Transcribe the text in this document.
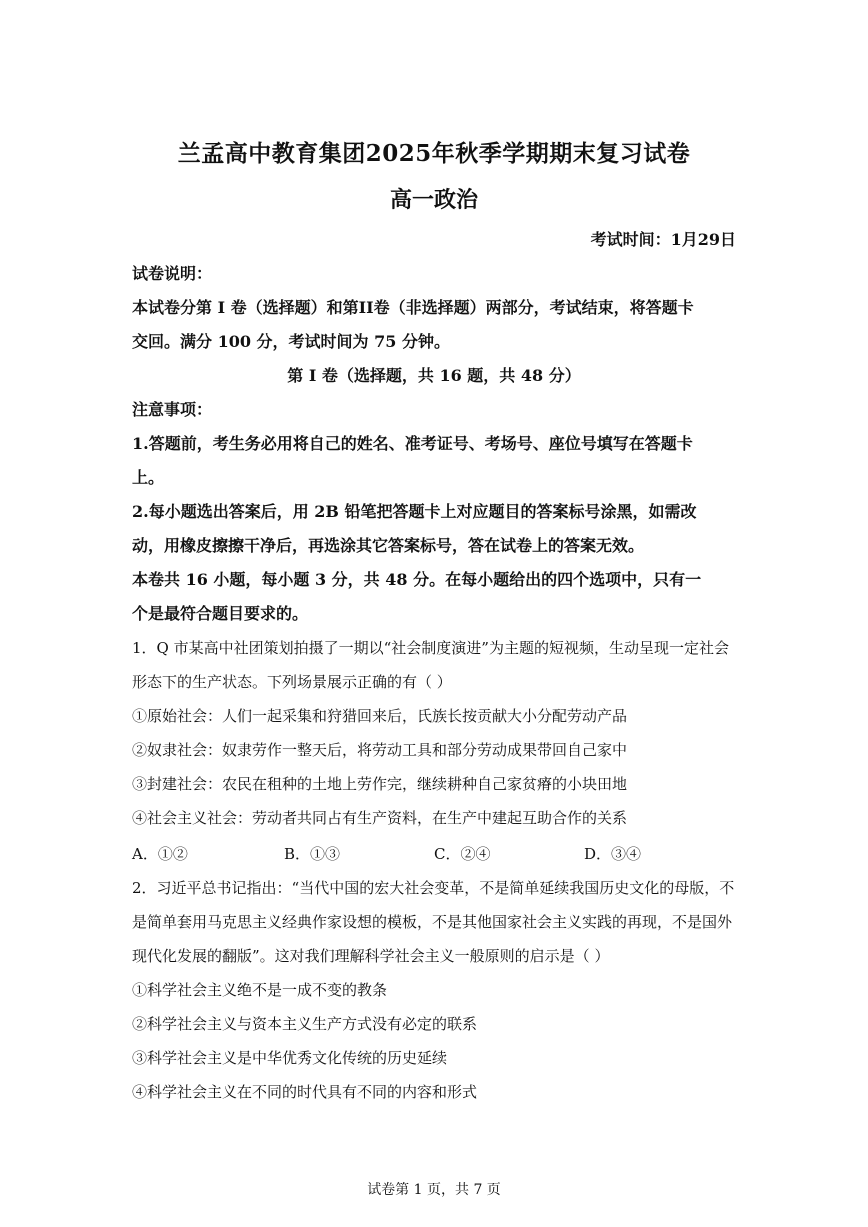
兰孟高中教育集团2025年秋季学期期末复习试卷
高一政治
考试时间：1月29日
试卷说明：
本试卷分第 I 卷（选择题）和第II卷（非选择题）两部分，考试结束，将答题卡
交回。满分 100 分，考试时间为 75 分钟。
第 I 卷（选择题，共 16 题，共 48 分）
注意事项：
1.答题前，考生务必用将自己的姓名、准考证号、考场号、座位号填写在答题卡
上。
2.每小题选出答案后，用 2B 铅笔把答题卡上对应题目的答案标号涂黑，如需改
动，用橡皮擦擦干净后，再选涂其它答案标号，答在试卷上的答案无效。
本卷共 16 小题，每小题 3 分，共 48 分。在每小题给出的四个选项中，只有一
个是最符合题目要求的。
1．Q 市某高中社团策划拍摄了一期以“社会制度演进”为主题的短视频，生动呈现一定社会
形态下的生产状态。下列场景展示正确的有（ ）
①原始社会：人们一起采集和狩猎回来后，氏族长按贡献大小分配劳动产品
②奴隶社会：奴隶劳作一整天后，将劳动工具和部分劳动成果带回自己家中
③封建社会：农民在租种的土地上劳作完，继续耕种自己家贫瘠的小块田地
④社会主义社会：劳动者共同占有生产资料，在生产中建起互助合作的关系
A．①②	B．①③	C．②④	D．③④
2．习近平总书记指出：“当代中国的宏大社会变革，不是简单延续我国历史文化的母版，不
是简单套用马克思主义经典作家设想的模板，不是其他国家社会主义实践的再现，不是国外
现代化发展的翻版”。这对我们理解科学社会主义一般原则的启示是（ ）
①科学社会主义绝不是一成不变的教条
②科学社会主义与资本主义生产方式没有必定的联系
③科学社会主义是中华优秀文化传统的历史延续
④科学社会主义在不同的时代具有不同的内容和形式
试卷第 1 页，共 7 页
